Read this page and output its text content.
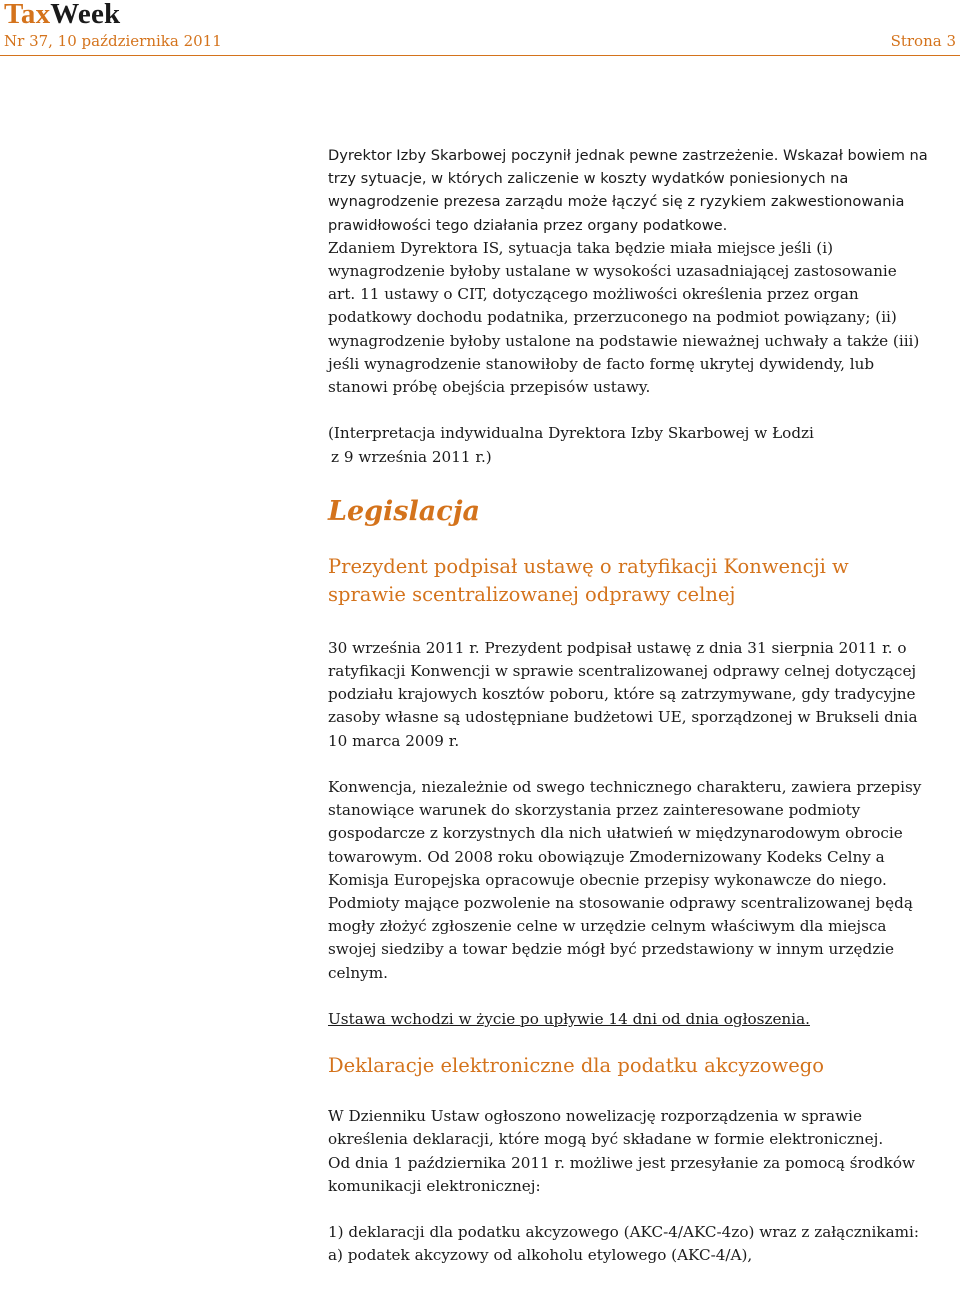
TaxWeek
Nr 37, 10 października 2011	Strona 3

Dyrektor Izby Skarbowej poczynił jednak pewne zastrzeżenie. Wskazał bowiem na trzy sytuacje, w których zaliczenie w koszty wydatków poniesionych na wynagrodzenie prezesa zarządu może łączyć się z ryzykiem zakwestionowania prawidłowości tego działania przez organy podatkowe.

Zdaniem Dyrektora IS, sytuacja taka będzie miała miejsce jeśli (i) wynagrodzenie byłoby ustalane w wysokości uzasadniającej zastosowanie art. 11 ustawy o CIT, dotyczącego możliwości określenia przez organ podatkowy dochodu podatnika, przerzuconego na podmiot powiązany; (ii) wynagrodzenie byłoby ustalone na podstawie nieważnej uchwały a także (iii) jeśli wynagrodzenie stanowiłoby de facto formę ukrytej dywidendy, lub stanowi próbę obejścia przepisów ustawy.

(Interpretacja indywidualna Dyrektora Izby Skarbowej w Łodzi

z 9 września 2011 r.)

Legislacja
Prezydent podpisał ustawę o ratyfikacji Konwencji w sprawie scentralizowanej odprawy celnej

30 września 2011 r. Prezydent podpisał ustawę z dnia 31 sierpnia 2011 r. o ratyfikacji Konwencji w sprawie scentralizowanej odprawy celnej dotyczącej podziału krajowych kosztów poboru, które są zatrzymywane, gdy tradycyjne zasoby własne są udostępniane budżetowi UE, sporządzonej w Brukseli dnia 10 marca 2009 r.

Konwencja, niezależnie od swego technicznego charakteru, zawiera przepisy stanowiące warunek do skorzystania przez zainteresowane podmioty gospodarcze z korzystnych dla nich ułatwień w międzynarodowym obrocie towarowym. Od 2008 roku obowiązuje Zmodernizowany Kodeks Celny a Komisja Europejska opracowuje obecnie przepisy wykonawcze do niego. Podmioty mające pozwolenie na stosowanie odprawy scentralizowanej będą mogły złożyć zgłoszenie celne w urzędzie celnym właściwym dla miejsca swojej siedziby a towar będzie mógł być przedstawiony w innym urzędzie celnym.

Ustawa wchodzi w życie po upływie 14 dni od dnia ogłoszenia.

Deklaracje elektroniczne dla podatku akcyzowego

W Dzienniku Ustaw ogłoszono nowelizację rozporządzenia w sprawie określenia deklaracji, które mogą być składane w formie elektronicznej.

Od dnia 1 października 2011 r. możliwe jest przesyłanie za pomocą środków komunikacji elektronicznej:

1) deklaracji dla podatku akcyzowego (AKC-4/AKC-4zo) wraz z załącznikami:

a) podatek akcyzowy od alkoholu etylowego (AKC-4/A),
